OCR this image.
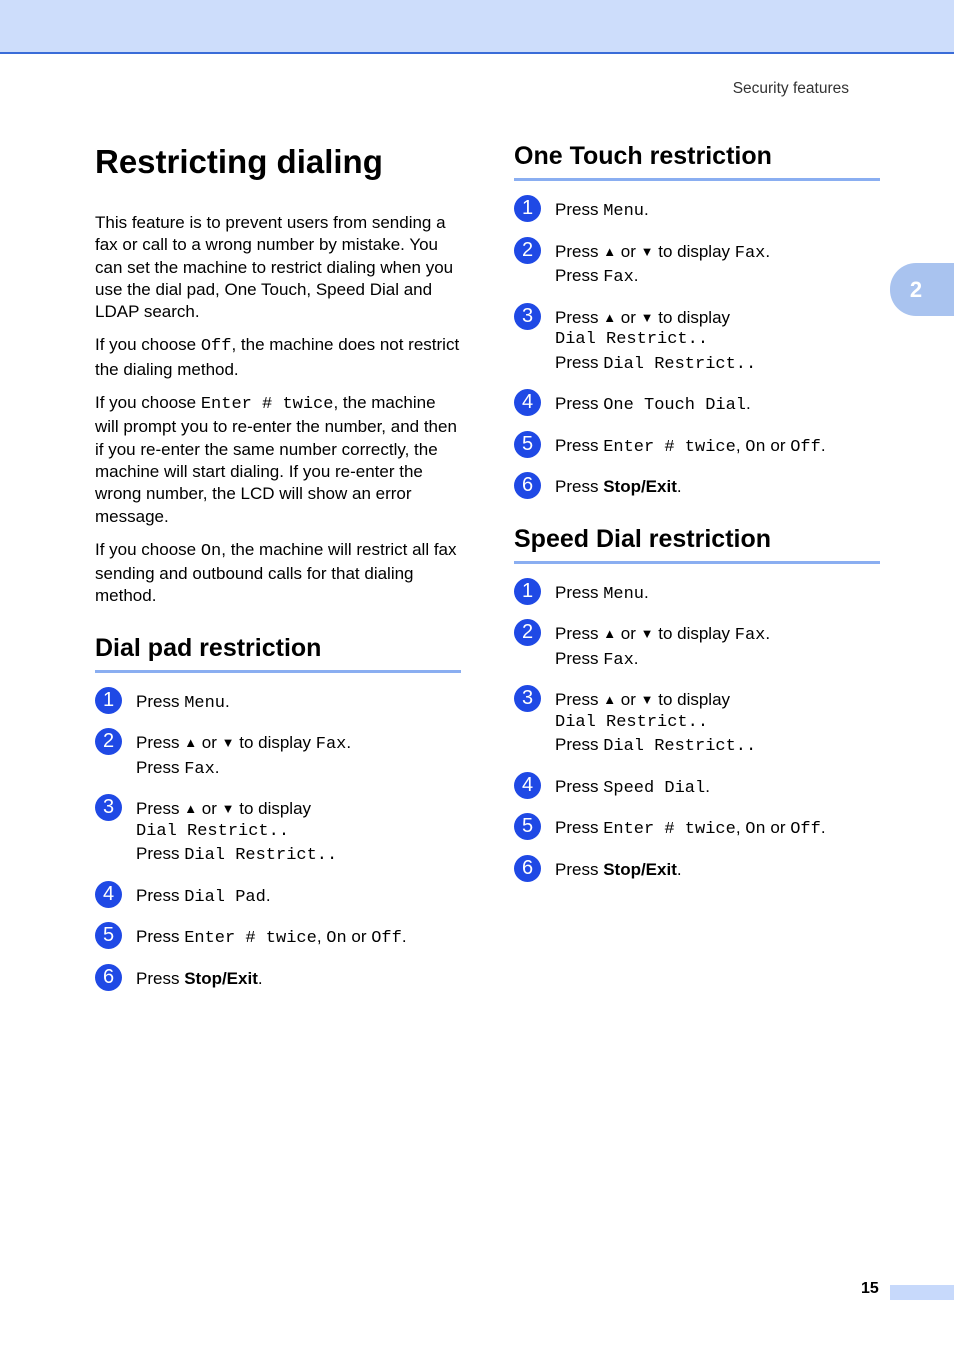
Security features
2
Restricting dialing

This feature is to prevent users from sending a fax or call to a wrong number by mistake. You can set the machine to restrict dialing when you use the dial pad, One Touch, Speed Dial and LDAP search.

If you choose Off, the machine does not restrict the dialing method.

If you choose Enter # twice, the machine will prompt you to re-enter the number, and then if you re-enter the same number correctly, the machine will start dialing. If you re-enter the wrong number, the LCD will show an error message.

If you choose On, the machine will restrict all fax sending and outbound calls for that dialing method.

Dial pad restriction
1	Press Menu.
2	Press ▲ or ▼ to display Fax.
Press Fax.
3	Press ▲ or ▼ to display
Dial Restrict..
Press Dial Restrict..
4	Press Dial Pad.
5	Press Enter # twice, On or Off.
6	Press Stop/Exit.
One Touch restriction
1	Press Menu.
2	Press ▲ or ▼ to display Fax.
Press Fax.
3	Press ▲ or ▼ to display
Dial Restrict..
Press Dial Restrict..
4	Press One Touch Dial.
5	Press Enter # twice, On or Off.
6	Press Stop/Exit.
Speed Dial restriction
1	Press Menu.
2	Press ▲ or ▼ to display Fax.
Press Fax.
3	Press ▲ or ▼ to display
Dial Restrict..
Press Dial Restrict..
4	Press Speed Dial.
5	Press Enter # twice, On or Off.
6	Press Stop/Exit.
15
